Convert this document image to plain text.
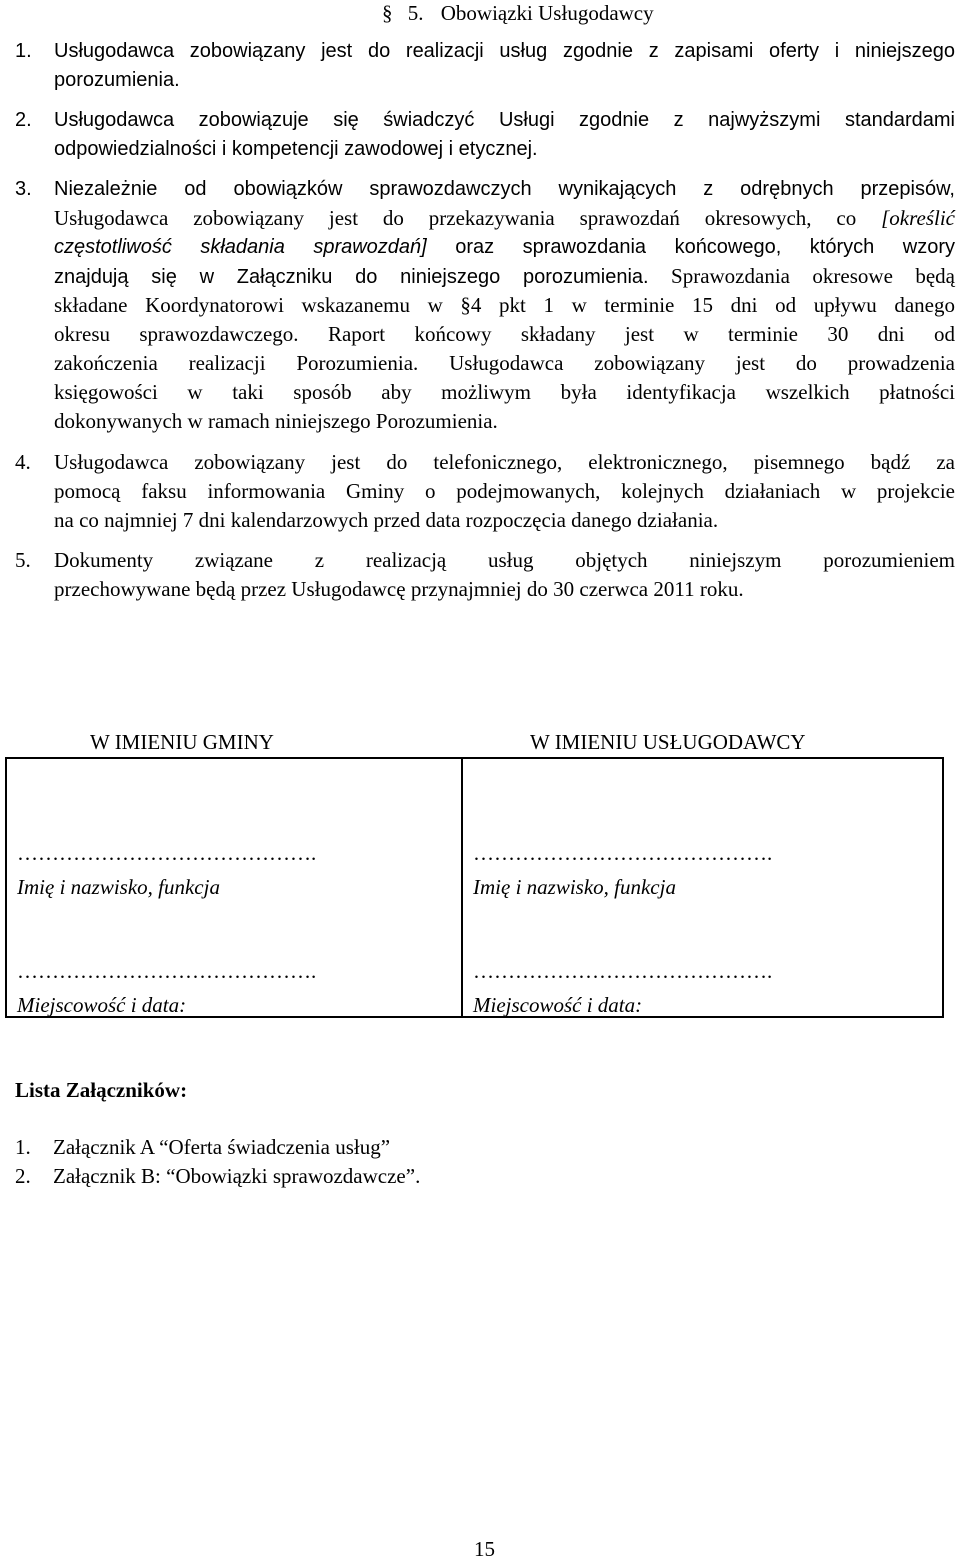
§ 5. Obowiązki Usługodawcy
1. Usługodawca zobowiązany jest do realizacji usług zgodnie z zapisami oferty i niniejszego
porozumienia.
2. Usługodawca zobowiązuje się świadczyć Usługi zgodnie z najwyższymi standardami
odpowiedzialności i kompetencji zawodowej i etycznej.
3. Niezależnie od obowiązków sprawozdawczych wynikających z odrębnych przepisów,
Usługodawca zobowiązany jest do przekazywania sprawozdań okresowych, co [określić
częstotliwość składania sprawozdań] oraz sprawozdania końcowego, których wzory
znajdują się w Załączniku do niniejszego porozumienia. Sprawozdania okresowe będą
składane Koordynatorowi wskazanemu w §4 pkt 1 w terminie 15 dni od upływu danego
okresu sprawozdawczego. Raport końcowy składany jest w terminie 30 dni od
zakończenia realizacji Porozumienia. Usługodawca zobowiązany jest do prowadzenia
księgowości w taki sposób aby możliwym była identyfikacja wszelkich płatności
dokonywanych w ramach niniejszego Porozumienia.
4. Usługodawca zobowiązany jest do telefonicznego, elektronicznego, pisemnego bądź za
pomocą faksu informowania Gminy o podejmowanych, kolejnych działaniach w projekcie
na co najmniej 7 dni kalendarzowych przed data rozpoczęcia danego działania.
5. Dokumenty związane z realizacją usług objętych niniejszym porozumieniem
przechowywane będą przez Usługodawcę przynajmniej do 30 czerwca 2011 roku.
W IMIENIU GMINY	W IMIENIU USŁUGODAWCY
…………………………………….
Imię i nazwisko, funkcja
…………………………………….
Miejscowość i data:
…………………………………….
Imię i nazwisko, funkcja
…………………………………….
Miejscowość i data:
Lista Załączników:
1. Załącznik A “Oferta świadczenia usług”
2. Załącznik B: “Obowiązki sprawozdawcze”.
15
